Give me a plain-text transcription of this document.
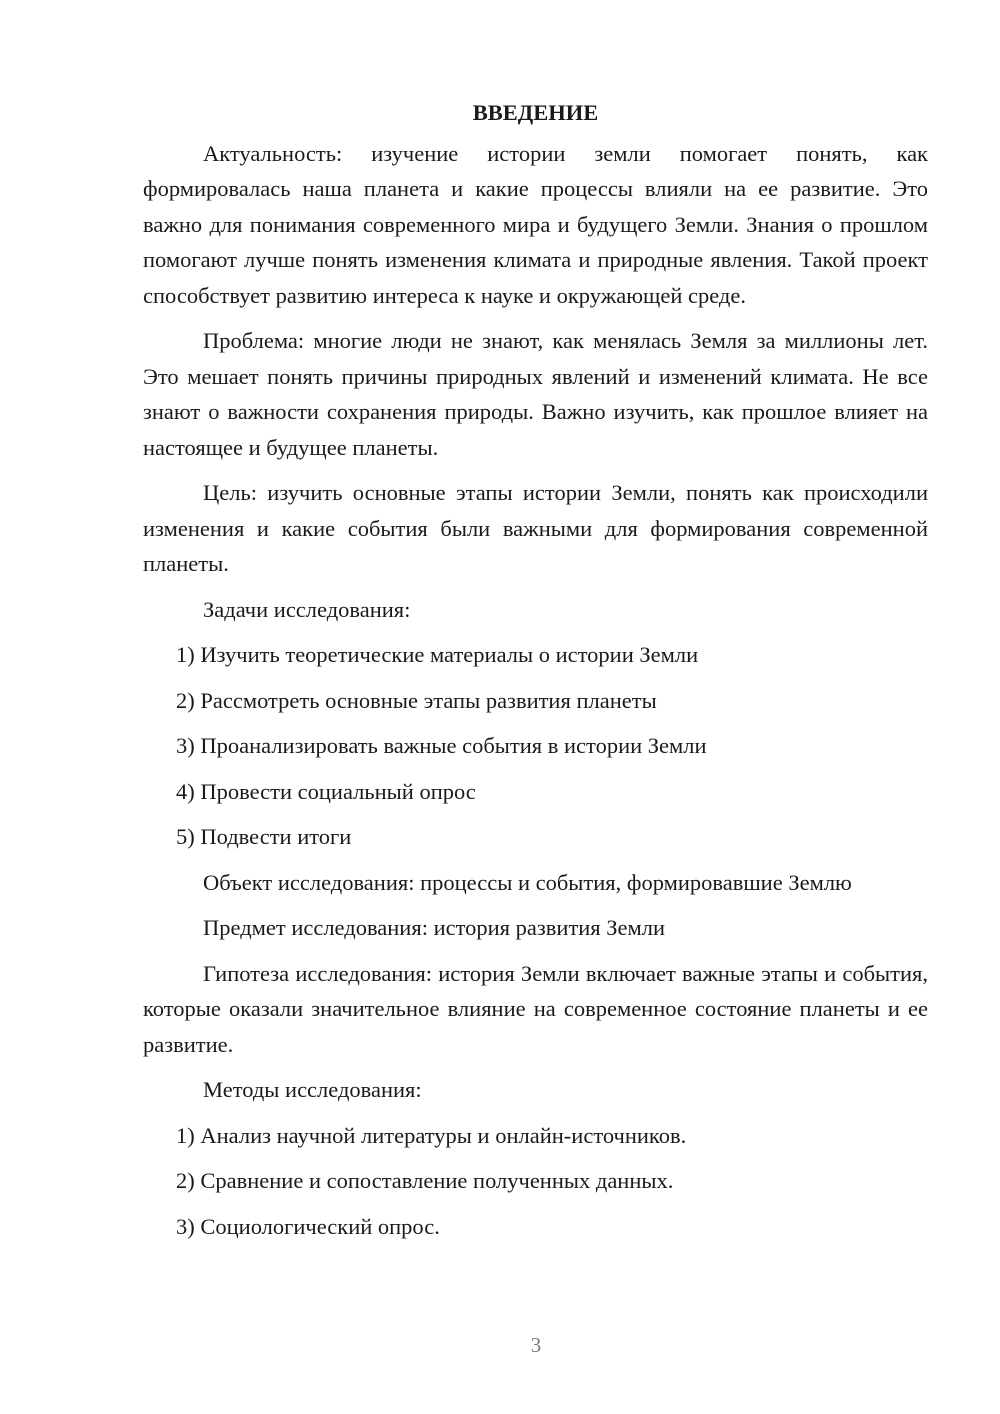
ВВЕДЕНИЕ

Актуальность: изучение истории земли помогает понять, как формировалась наша планета и какие процессы влияли на ее развитие. Это важно для понимания современного мира и будущего Земли. Знания о прошлом помогают лучше понять изменения климата и природные явления. Такой проект способствует развитию интереса к науке и окружающей среде.

Проблема: многие люди не знают, как менялась Земля за миллионы лет. Это мешает понять причины природных явлений и изменений климата. Не все знают о важности сохранения природы. Важно изучить, как прошлое влияет на настоящее и будущее планеты.

Цель: изучить основные этапы истории Земли, понять как происходили изменения и какие события были важными для формирования современной планеты.

Задачи исследования:
1) Изучить теоретические материалы о истории Земли
2) Рассмотреть основные этапы развития планеты
3) Проанализировать важные события в истории Земли
4) Провести социальный опрос
5) Подвести итоги
Объект исследования: процессы и события, формировавшие Землю
Предмет исследования: история развития Земли

Гипотеза исследования: история Земли включает важные этапы и события, которые оказали значительное влияние на современное состояние планеты и ее развитие.

Методы исследования:
1) Анализ научной литературы и онлайн-источников.
2) Сравнение и сопоставление полученных данных.
3) Социологический опрос.
3
